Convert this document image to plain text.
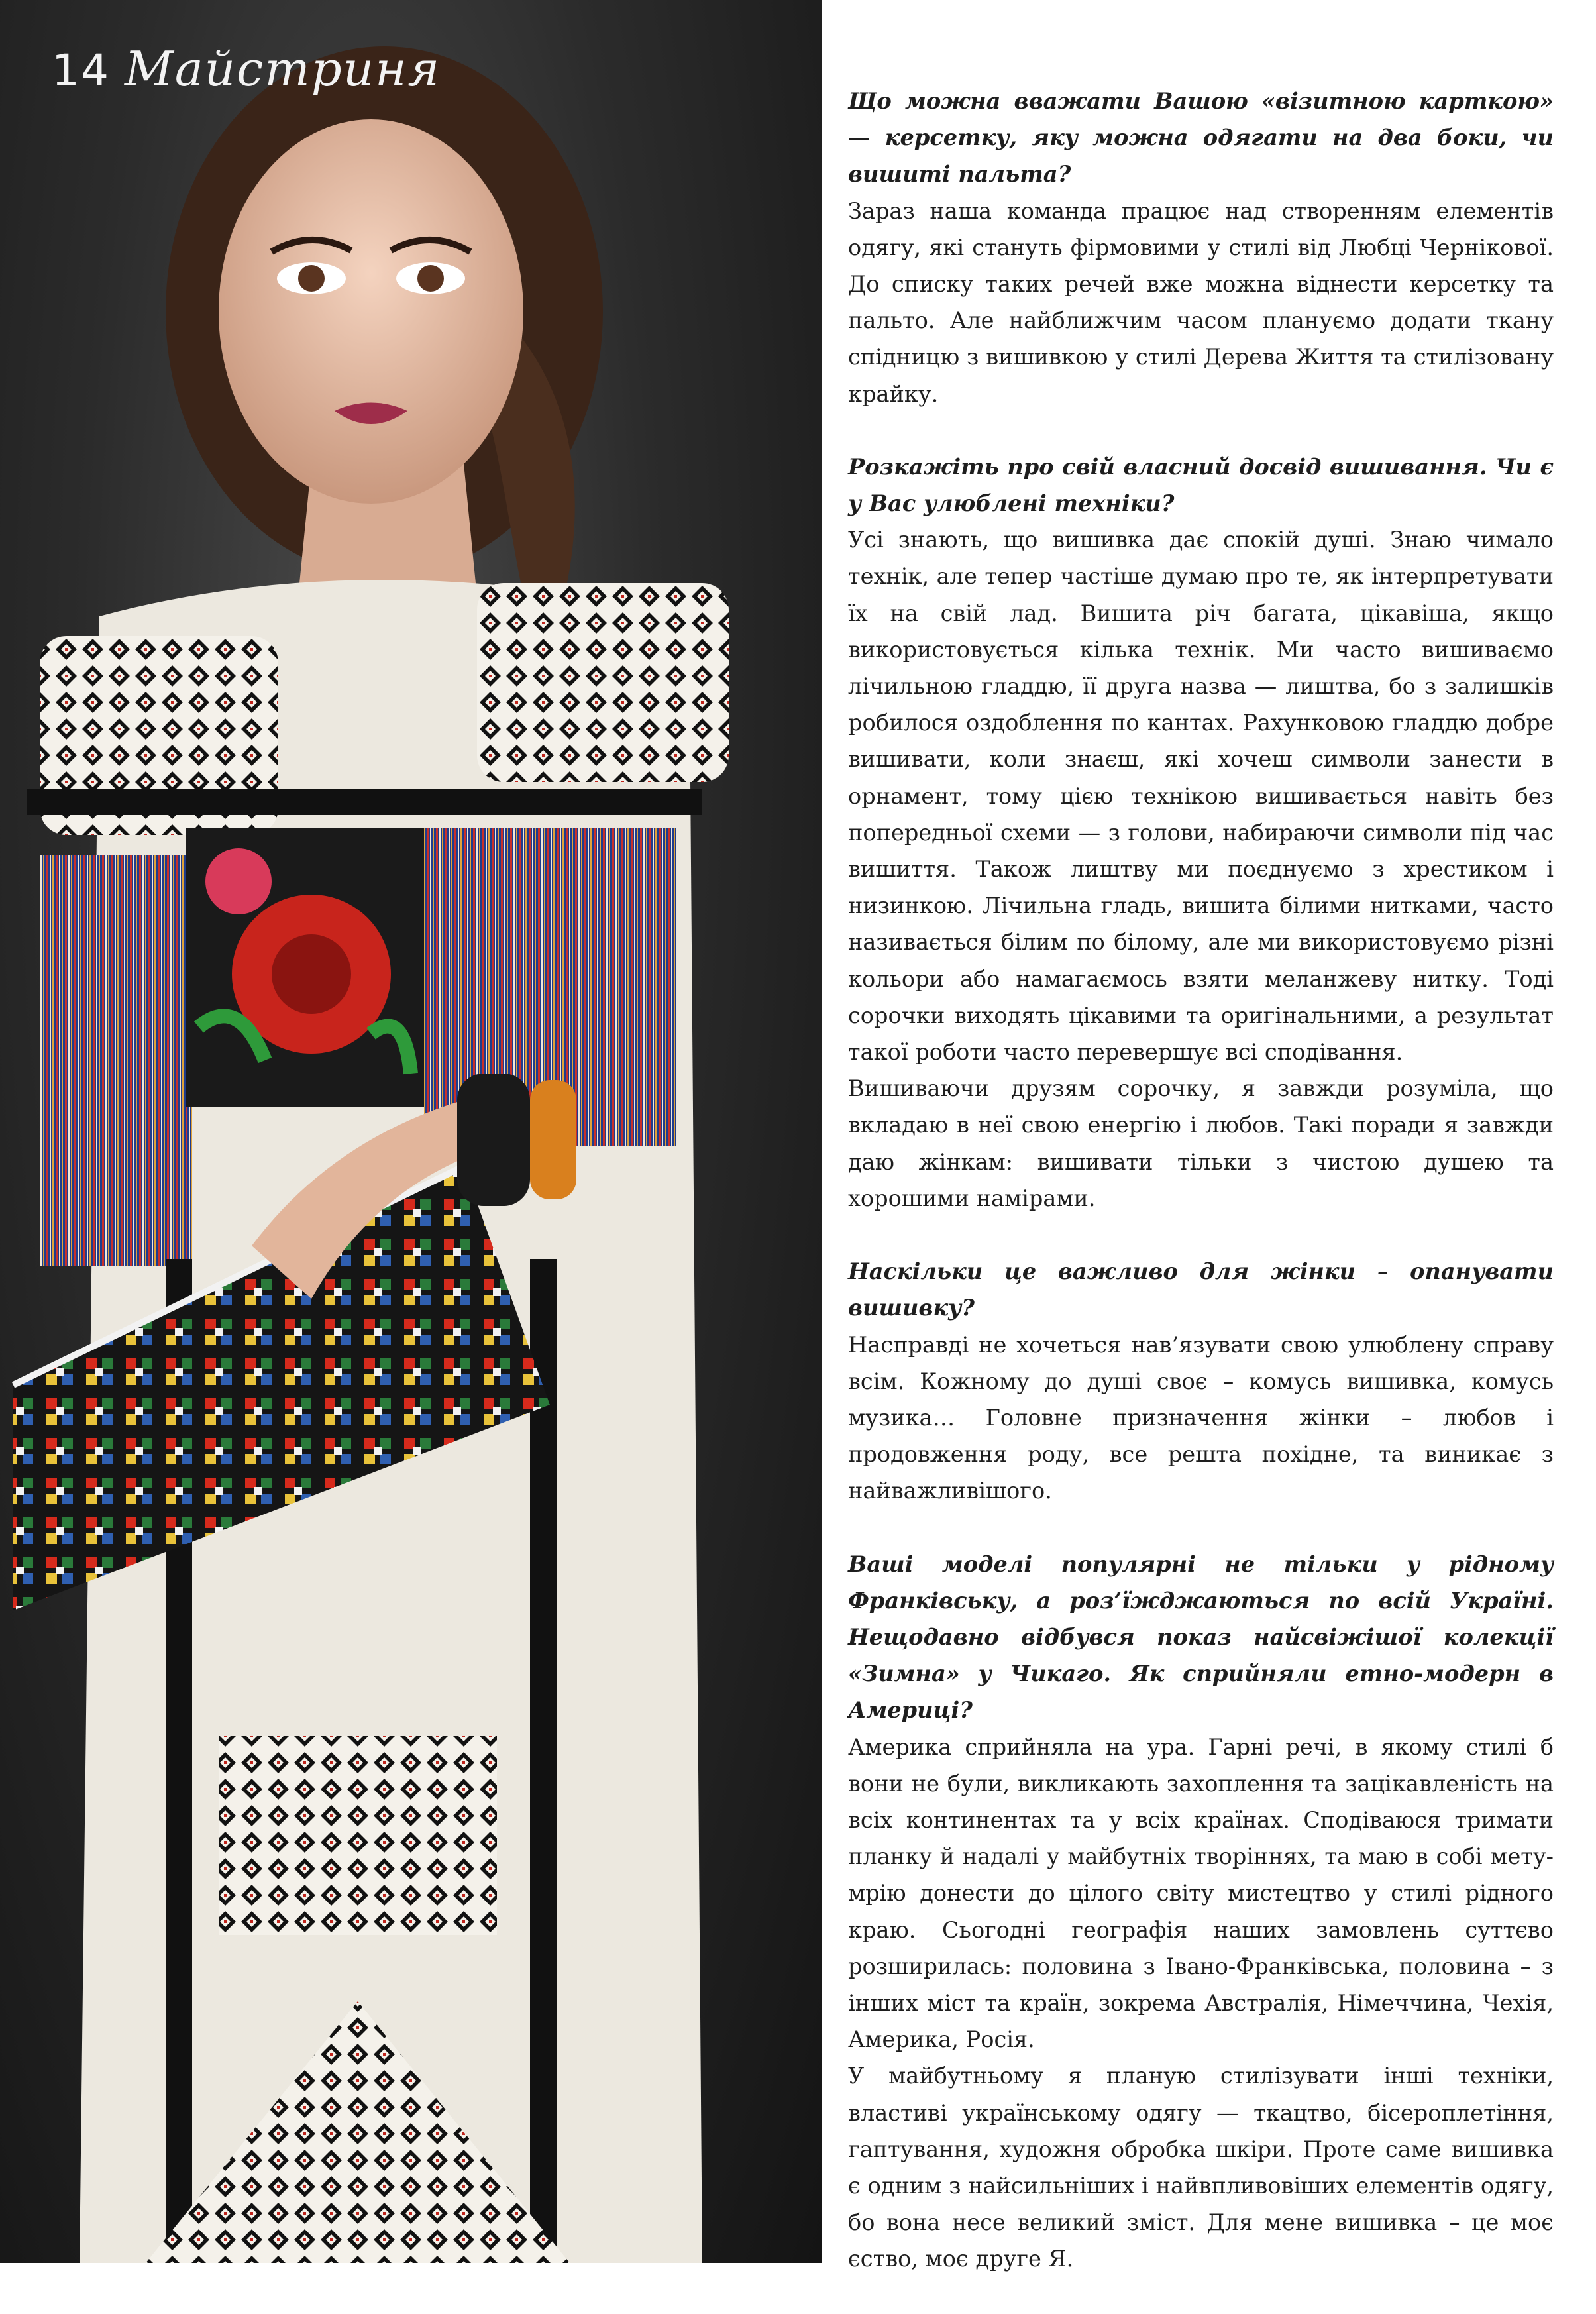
14 Майстриня

Що можна вважати Вашою «візитною карткою» — керсетку, яку можна одягати на два боки, чи вишиті пальта?

Зараз наша команда працює над створенням елементів одягу, які стануть фірмовими у стилі від Любці Чернікової. До списку таких речей вже можна віднести керсетку та пальто. Але найближчим часом плануємо додати ткану спідницю з вишивкою у стилі Дерева Життя та стилізовану крайку.

Розкажіть про свій власний досвід вишивання. Чи є у Вас улюблені техніки?

Усі знають, що вишивка дає спокій душі. Знаю чимало технік, але тепер частіше думаю про те, як інтерпретувати їх на свій лад. Вишита річ багата, цікавіша, якщо використовується кілька технік. Ми часто вишиваємо лічильною гладдю, її друга назва — лиштва, бо з залишків робилося оздоблення по кантах. Рахунковою гладдю добре вишивати, коли знаєш, які хочеш символи занести в орнамент, тому цією технікою вишивається навіть без попередньої схеми — з голови, набираючи символи під час вишиття. Також лиштву ми поєднуємо з хрестиком і низинкою. Лічильна гладь, вишита білими нитками, часто називається білим по білому, але ми використовуємо різні кольори або намагаємось взяти меланжеву нитку. Тоді сорочки виходять цікавими та оригінальними, а результат такої роботи часто перевершує всі сподівання.

Вишиваючи друзям сорочку, я завжди розуміла, що вкладаю в неї свою енергію і любов. Такі поради я завжди даю жінкам: вишивати тільки з чистою душею та хорошими намірами.

Наскільки це важливо для жінки – опанувати вишивку?

Насправді не хочеться нав’язувати свою улюблену справу всім. Кожному до душі своє – комусь вишивка, комусь музика… Головне призначення жінки – любов і продовження роду, все решта похідне, та виникає з найважливішого.

Ваші моделі популярні не тільки у рідному Франківську, а роз’їжджаються по всій Україні. Нещодавно відбувся показ найсвіжішої колекції «Зимна» у Чикаго. Як сприйняли етно-модерн в Америці?

Америка сприйняла на ура. Гарні речі, в якому стилі б вони не були, викликають захоплення та зацікавленість на всіх континентах та у всіх країнах. Сподіваюся тримати планку й надалі у майбутніх творіннях, та маю в собі мету-мрію донести до цілого світу мистецтво у стилі рідного краю. Сьогодні географія наших замовлень суттєво розширилась: половина з Івано-Франківська, половина – з інших міст та країн, зокрема Австралія, Німеччина, Чехія, Америка, Росія.

У майбутньому я планую стилізувати інші техніки, властиві українському одягу — ткацтво, бісероплетіння, гаптування, художня обробка шкіри. Проте саме вишивка є одним з найсильніших і найвпливовіших елементів одягу, бо вона несе великий зміст. Для мене вишивка – це моє єство, моє друге Я.
